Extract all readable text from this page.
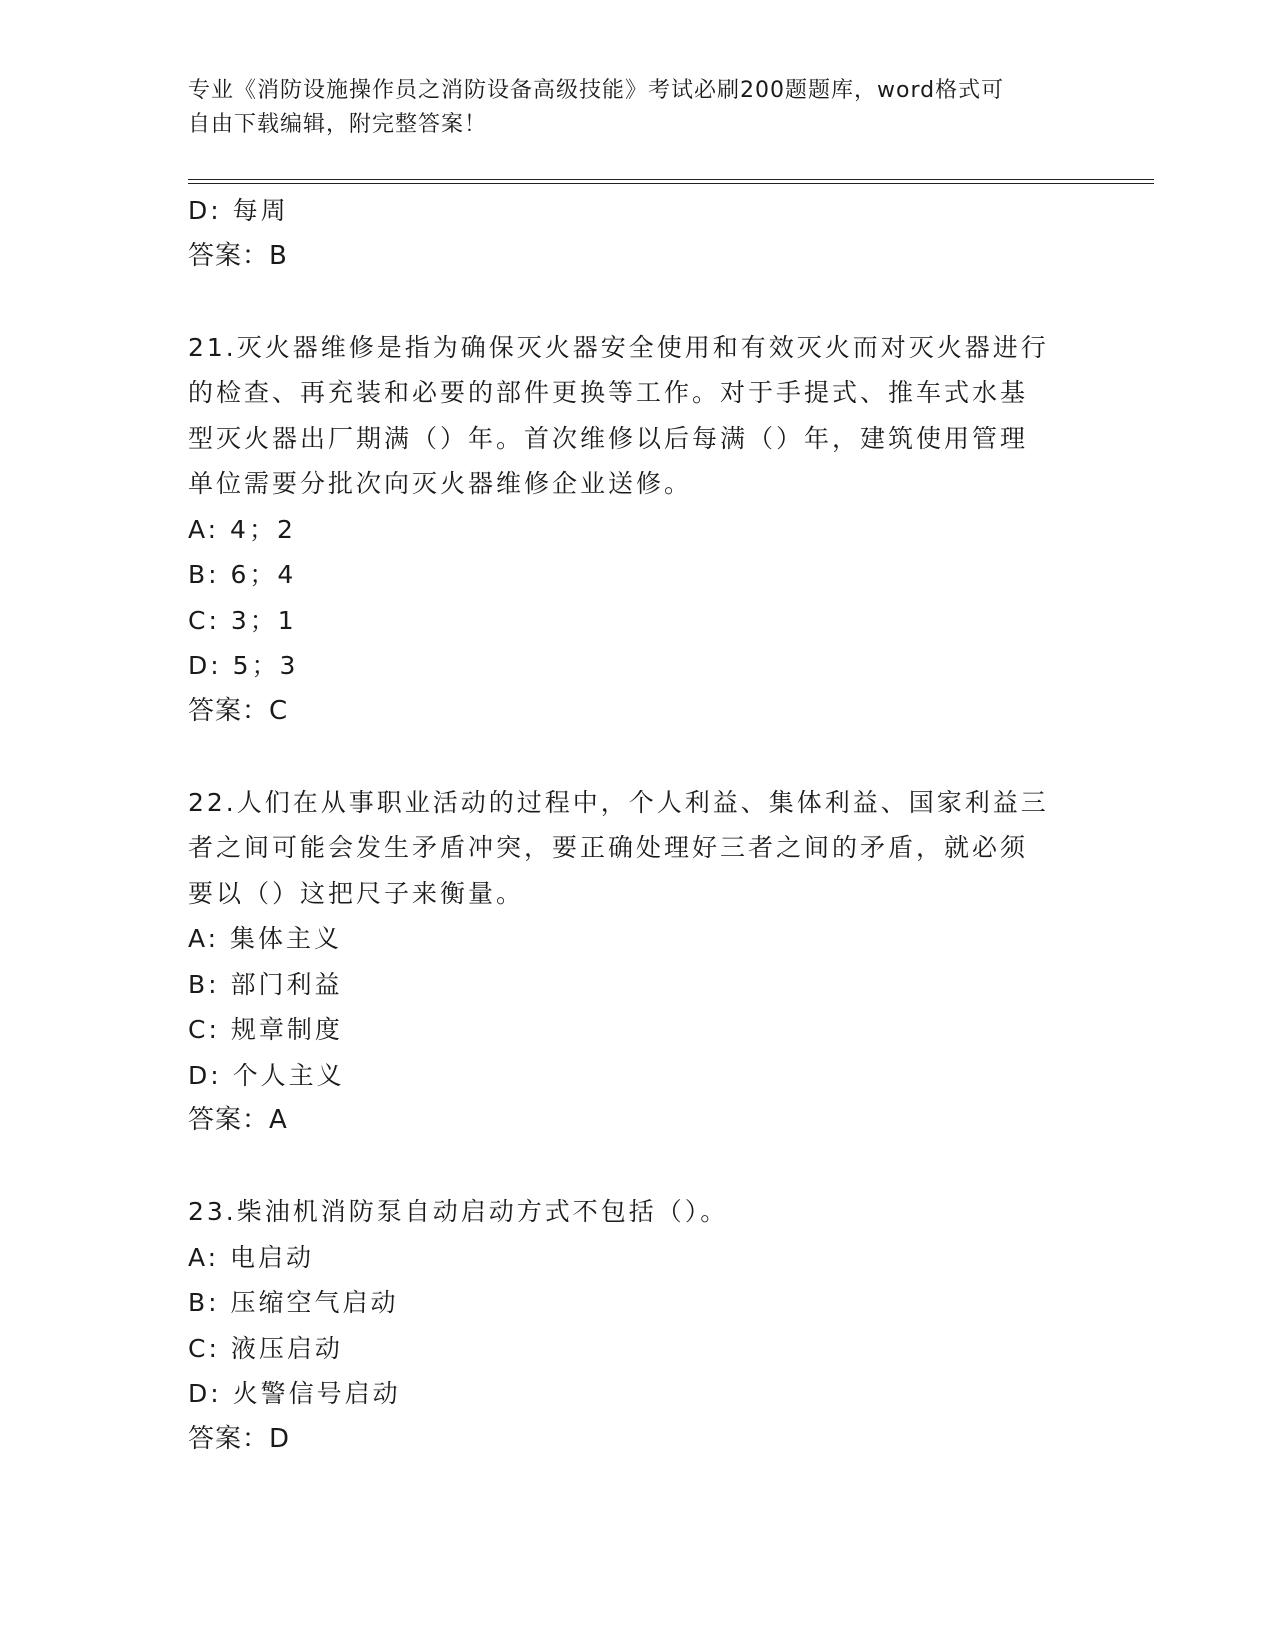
专业《消防设施操作员之消防设备高级技能》考试必刷200题题库，word格式可
自由下载编辑，附完整答案！
D: 每周
答案：B
21.灭火器维修是指为确保灭火器安全使用和有效灭火而对灭火器进行
的检查、再充装和必要的部件更换等工作。对于手提式、推车式水基
型灭火器出厂期满（）年。首次维修以后每满（）年，建筑使用管理
单位需要分批次向灭火器维修企业送修。
A: 4；2
B: 6；4
C: 3；1
D: 5；3
答案：C
22.人们在从事职业活动的过程中，个人利益、集体利益、国家利益三
者之间可能会发生矛盾冲突，要正确处理好三者之间的矛盾，就必须
要以（）这把尺子来衡量。
A: 集体主义
B: 部门利益
C: 规章制度
D: 个人主义
答案：A
23.柴油机消防泵自动启动方式不包括（）。
A: 电启动
B: 压缩空气启动
C: 液压启动
D: 火警信号启动
答案：D
